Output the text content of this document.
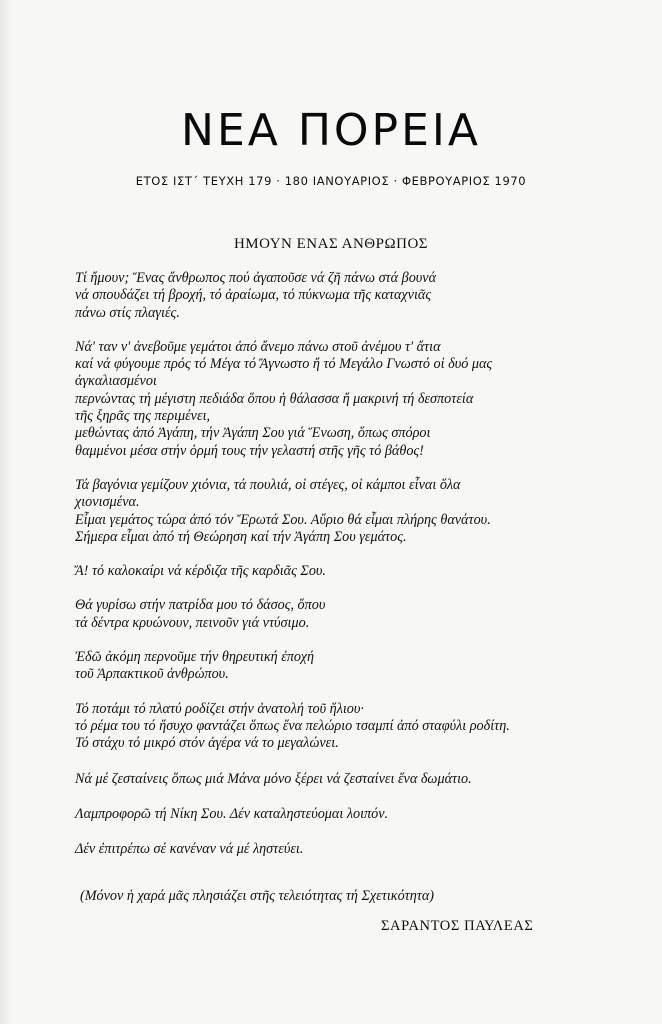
ΝΕΑ ΠΟΡΕΙΑ
ΕΤΟΣ ΙΣΤ΄ ΤΕΥΧΗ 179 · 180 ΙΑΝΟΥΑΡΙΟΣ · ΦΕΒΡΟΥΑΡΙΟΣ 1970
ΗΜΟΥΝ ΕΝΑΣ ΑΝΘΡΩΠΟΣ
Τί ἤμουν; Ἕνας ἄνθρωπος πού ἀγαποῦσε νά ζῆ πάνω στά βουνά
νά σπουδάζει τή βροχή, τό ἀραίωμα, τό πύκνωμα τῆς καταχνιᾶς
πάνω στίς πλαγιές.
Νά' ταν ν' ἀνεβοῦμε γεμάτοι ἀπό ἄνεμο πάνω στοῦ ἀνέμου τ' ἄτια
καί νά φύγουμε πρός τό Μέγα τό Ἄγνωστο ἤ τό Μεγάλο Γνωστό οἱ δυό μας
ἀγκαλιασμένοι
περνώντας τή μέγιστη πεδιάδα ὅπου ἡ θάλασσα ἤ μακρινή τή δεσποτεία
τῆς ξηρᾶς της περιμένει,
μεθώντας ἀπό Ἀγάπη, τήν Ἀγάπη Σου γιά Ἕνωση, ὅπως σπόροι
θαμμένοι μέσα στήν ὁρμή τους τήν γελαστή στῆς γῆς τό βάθος!
Τά βαγόνια γεμίζουν χιόνια, τά πουλιά, οἱ στέγες, οἱ κάμποι εἶναι ὅλα
χιονισμένα.
Εἶμαι γεμάτος τώρα ἀπό τόν Ἔρωτά Σου. Αὔριο θά εἶμαι πλήρης θανάτου.
Σήμερα εἶμαι ἀπό τή Θεώρηση καί τήν Ἀγάπη Σου γεμάτος.
Ἄ! τό καλοκαίρι νά κέρδιζα τῆς καρδιᾶς Σου.
Θά γυρίσω στήν πατρίδα μου τό δάσος, ὅπου
τά δέντρα κρυώνουν, πεινοῦν γιά ντύσιμο.
Ἐδῶ ἀκόμη περνοῦμε τήν θηρευτική ἐποχή
τοῦ Ἁρπακτικοῦ ἀνθρώπου.
Τό ποτάμι τό πλατύ ροδίζει στήν ἀνατολή τοῦ ἥλιου·
τό ρέμα του τό ἥσυχο φαντάζει ὅπως ἕνα πελώριο τσαμπί ἀπό σταφύλι ροδίτη.
Τό στάχυ τό μικρό στόν ἀγέρα νά το μεγαλώνει.
Νά μέ ζεσταίνεις ὅπως μιά Μάνα μόνο ξέρει νά ζεσταίνει ἕνα δωμάτιο.
Λαμπροφορῶ τή Νίκη Σου. Δέν καταληστεύομαι λοιπόν.
Δέν ἐπιτρέπω σέ κανέναν νά μέ ληστεύει.
(Μόνον ἡ χαρά μᾶς πλησιάζει στῆς τελειότητας τή Σχετικότητα)
ΣΑΡΑΝΤΟΣ ΠΑΥΛΕΑΣ
